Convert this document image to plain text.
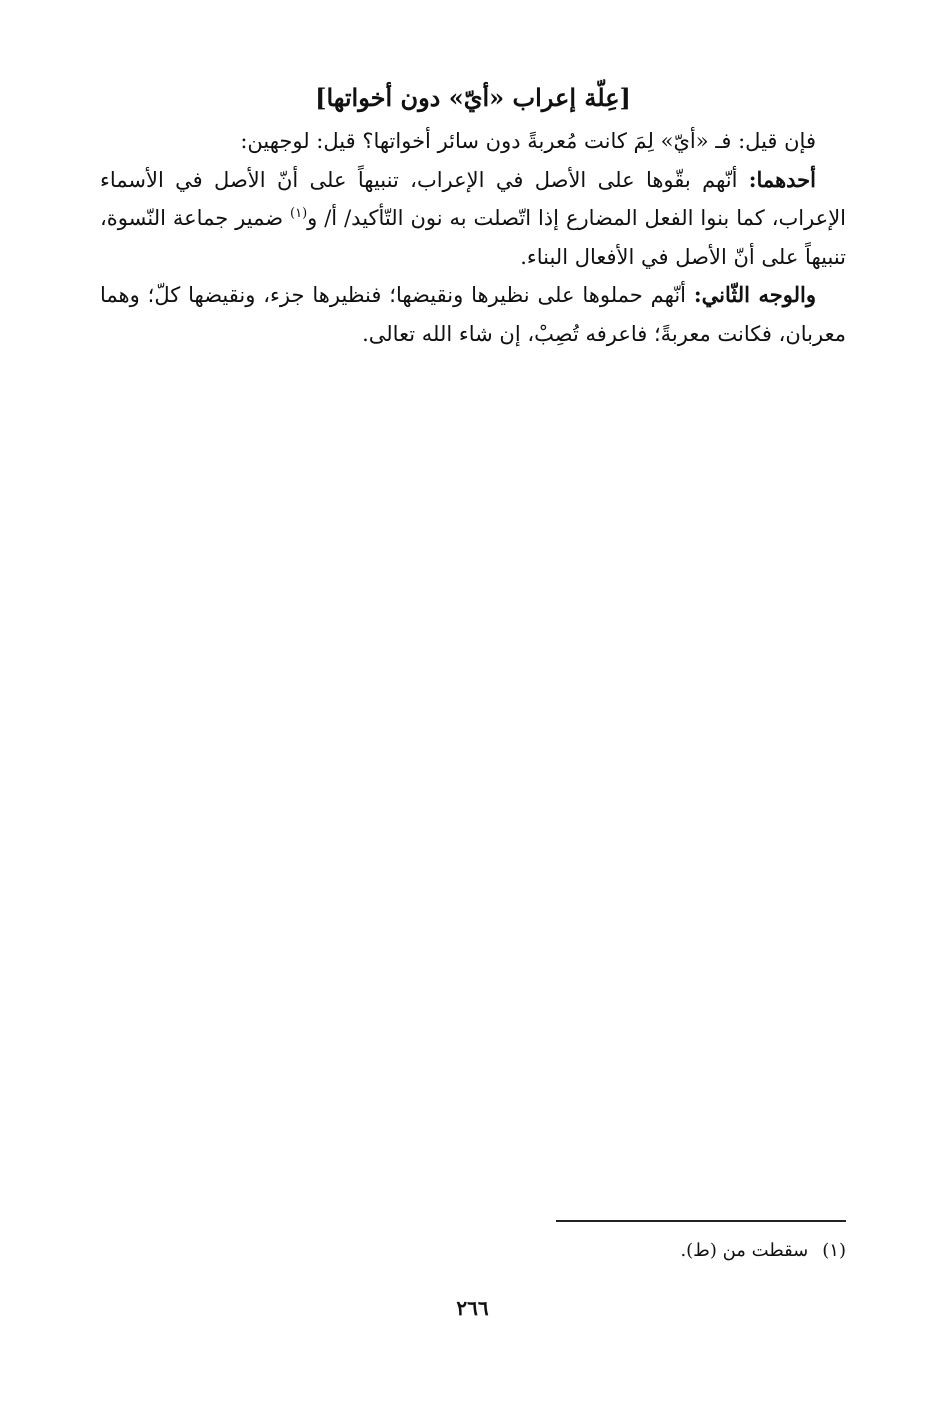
[عِلّة إعراب «أيّ» دون أخواتها]

فإن قيل: فـ «أيّ» لِمَ كانت مُعربةً دون سائر أخواتها؟ قيل: لوجهين:

أحدهما: أنّهم بقّوها على الأصل في الإعراب، تنبيهاً على أنّ الأصل في الأسماء الإعراب، كما بنوا الفعل المضارع إذا اتّصلت به نون التّأكيد/ أ/ و$^{(١)}$ ضمير جماعة النّسوة، تنبيهاً على أنّ الأصل في الأفعال البناء.

والوجه الثّاني: أنّهم حملوها على نظيرها ونقيضها؛ فنظيرها جزء، ونقيضها كلّ؛ وهما معربان، فكانت معربةً؛ فاعرفه تُصِبْ، إن شاء الله تعالى.

(١)سقطت من (ط).
٢٦٦
